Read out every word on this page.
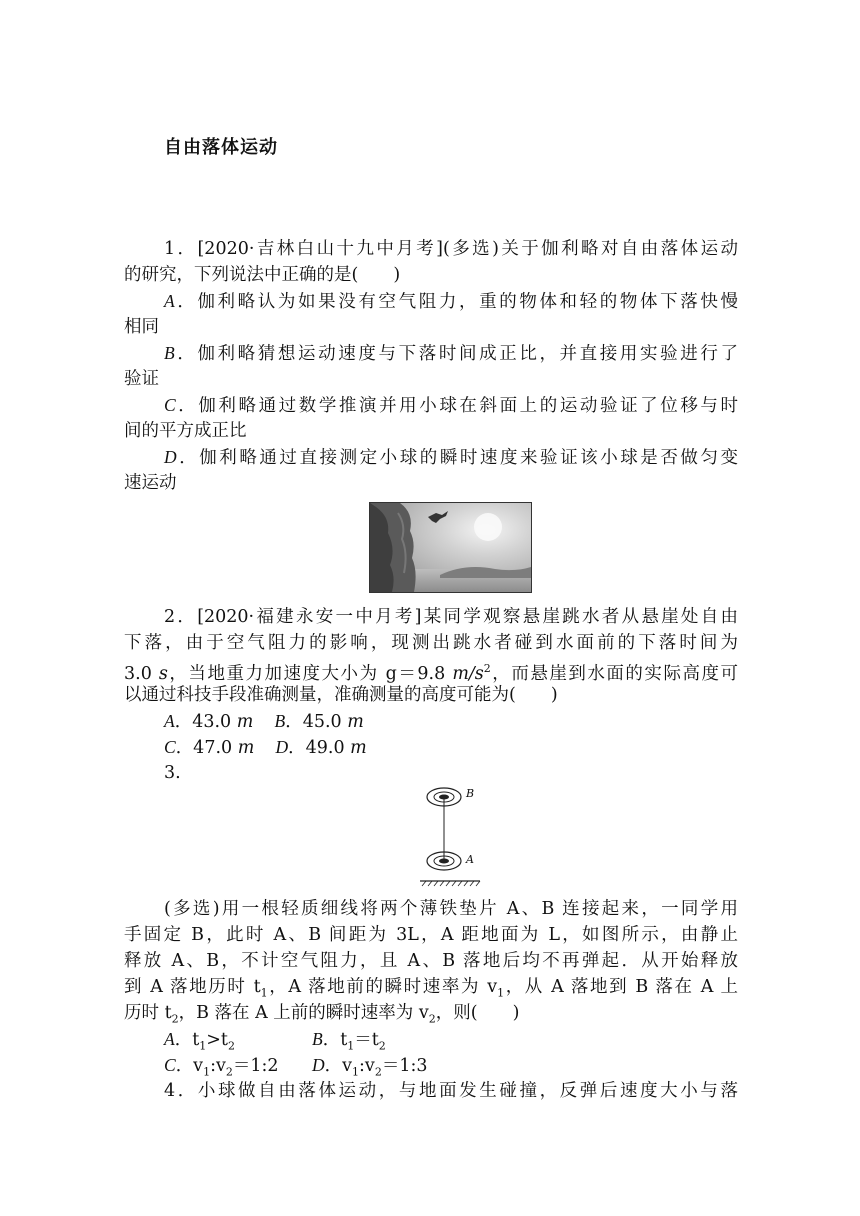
自由落体运动
1．[2020·吉林白山十九中月考](多选)关于伽利略对自由落体运动
的研究，下列说法中正确的是(　　)
A．伽利略认为如果没有空气阻力，重的物体和轻的物体下落快慢
相同
B．伽利略猜想运动速度与下落时间成正比，并直接用实验进行了
验证
C．伽利略通过数学推演并用小球在斜面上的运动验证了位移与时
间的平方成正比
D．伽利略通过直接测定小球的瞬时速度来验证该小球是否做匀变
速运动
2．[2020·福建永安一中月考]某同学观察悬崖跳水者从悬崖处自由
下落，由于空气阻力的影响，现测出跳水者碰到水面前的下落时间为
3.0 s，当地重力加速度大小为 g＝9.8 $m/s^2$，而悬崖到水面的实际高度可
以通过科技手段准确测量，准确测量的高度可能为(　　)
A．43.0 m B．45.0 m
C．47.0 m D．49.0 m
3.
B
A
(多选)用一根轻质细线将两个薄铁垫片 A、B 连接起来，一同学用
手固定 B，此时 A、B 间距为 3L，A 距地面为 L，如图所示，由静止
释放 A、B，不计空气阻力，且 A、B 落地后均不再弹起．从开始释放
到 A 落地历时 $t_1$，A 落地前的瞬时速率为 $v_1$，从 A 落地到 B 落在 A 上
历时 $t_2$，B 落在 A 上前的瞬时速率为 $v_2$，则(　　)
A．$t_1>t_2$	B．$t_1=t_2$
C．$v_1:v_2=1:2$ D．$v_1:v_2=1:3$
4．小球做自由落体运动，与地面发生碰撞，反弹后速度大小与落
